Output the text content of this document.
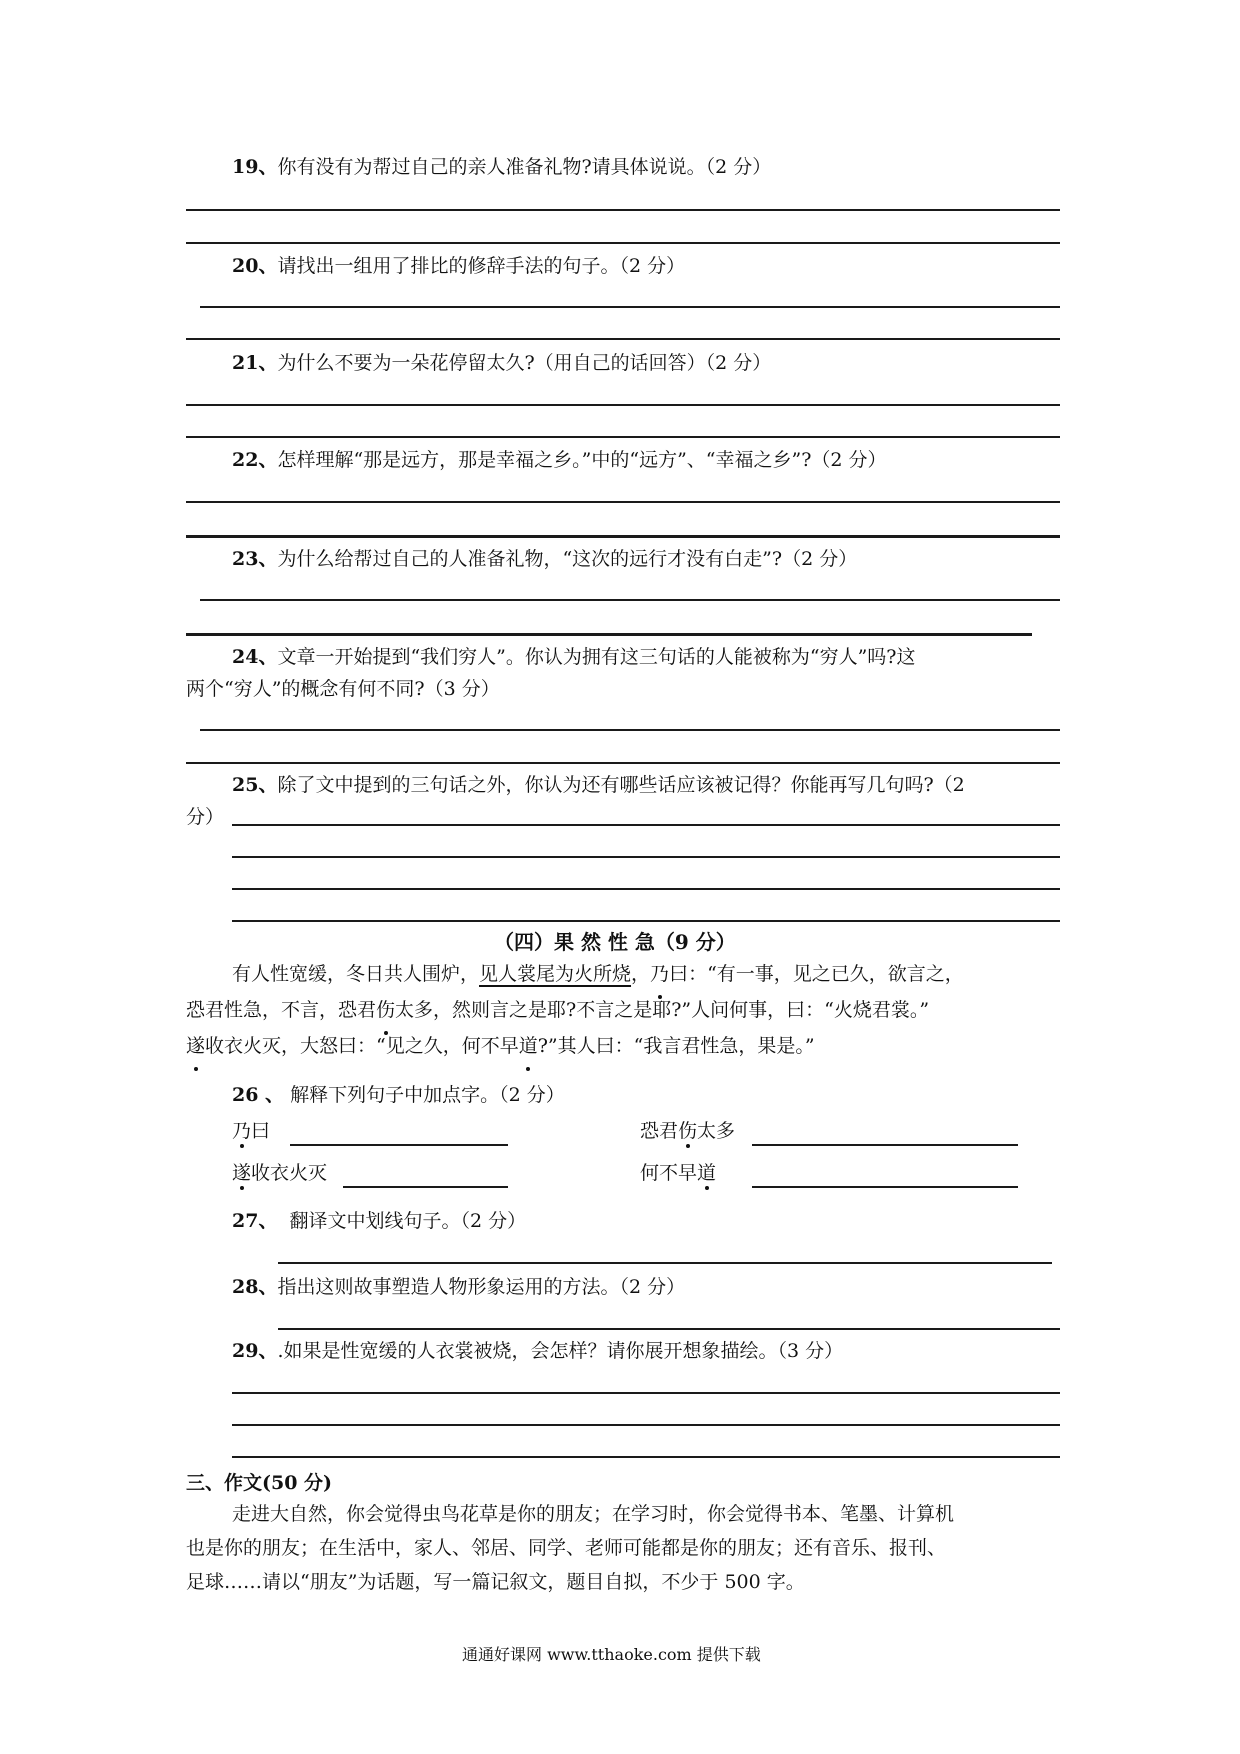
19、你有没有为帮过自己的亲人准备礼物?请具体说说。（2 分）
20、请找出一组用了排比的修辞手法的句子。（2 分）
21、为什么不要为一朵花停留太久?（用自己的话回答）（2 分）
22、怎样理解“那是远方，那是幸福之乡。”中的“远方”、“幸福之乡”?（2 分）
23、为什么给帮过自己的人准备礼物，“这次的远行才没有白走”?（2 分）
24、文章一开始提到“我们穷人”。你认为拥有这三句话的人能被称为“穷人”吗?这
两个“穷人”的概念有何不同?（3 分）
25、除了文中提到的三句话之外，你认为还有哪些话应该被记得？你能再写几句吗?（2
分）
（四）果 然 性 急（9 分）
有人性宽缓，冬日共人围炉，见人裳尾为火所烧，乃曰：“有一事，见之已久，欲言之，
恐君性急，不言，恐君伤太多，然则言之是耶?不言之是耶?”人问何事，曰：“火烧君裳。”
遂收衣火灭，大怒曰：“见之久，何不早道?”其人曰：“我言君性急，果是。”
26 、 解释下列句子中加点字。（2 分）
乃曰	恐君伤太多
遂收衣火灭	何不早道
27、 翻译文中划线句子。（2 分）
28、指出这则故事塑造人物形象运用的方法。（2 分）
29、.如果是性宽缓的人衣裳被烧，会怎样？请你展开想象描绘。（3 分）
三、作文(50 分)
走进大自然，你会觉得虫鸟花草是你的朋友；在学习时，你会觉得书本、笔墨、计算机
也是你的朋友；在生活中，家人、邻居、同学、老师可能都是你的朋友；还有音乐、报刊、
足球……请以“朋友”为话题，写一篇记叙文，题目自拟，不少于 500 字。
通通好课网 www.tthaoke.com 提供下载
